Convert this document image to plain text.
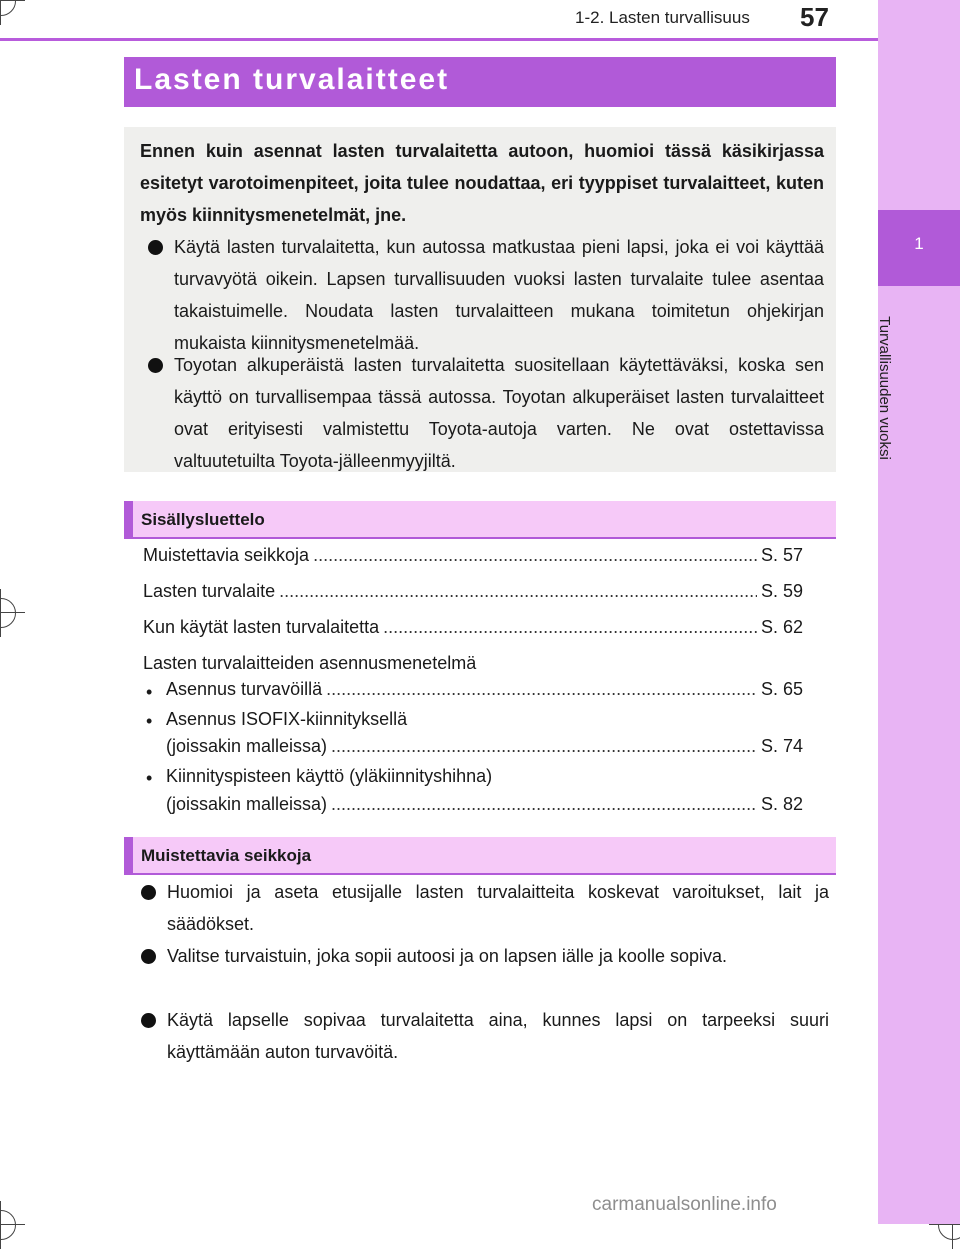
1-2. Lasten turvallisuus 57
1
Turvallisuuden vuoksi
Lasten turvalaitteet
Ennen kuin asennat lasten turvalaitetta autoon, huomioi tässä käsikirjassa esitetyt varotoimenpiteet, joita tulee noudattaa, eri tyyppiset turvalaitteet, kuten myös kiinnitysmenetelmät, jne.
Käytä lasten turvalaitetta, kun autossa matkustaa pieni lapsi, joka ei voi käyttää turvavyötä oikein. Lapsen turvallisuuden vuoksi lasten turvalaite tulee asentaa takaistuimelle. Noudata lasten turvalaitteen mukana toimitetun ohjekirjan mukaista kiinnitysmenetelmää.
Toyotan alkuperäistä lasten turvalaitetta suositellaan käytettäväksi, koska sen käyttö on turvallisempaa tässä autossa. Toyotan alkuperäiset lasten turvalaitteet ovat erityisesti valmistettu Toyota-autoja varten. Ne ovat ostettavissa valtuutetuilta Toyota-jälleenmyyjiltä.
Sisällysluettelo
Muistettavia seikkoja .....	S. 57
Lasten turvalaite .....	S. 59
Kun käytät lasten turvalaitetta .....	S. 62
Lasten turvalaitteiden asennusmenetelmä
• Asennus turvavöillä .....	S. 65
• Asennus ISOFIX-kiinnityksellä
(joissakin malleissa) .....	S. 74
• Kiinnityspisteen käyttö (yläkiinnityshihna)
(joissakin malleissa) .....	S. 82
Muistettavia seikkoja
Huomioi ja aseta etusijalle lasten turvalaitteita koskevat varoitukset, lait ja säädökset.
Valitse turvaistuin, joka sopii autoosi ja on lapsen iälle ja koolle sopiva.
Käytä lapselle sopivaa turvalaitetta aina, kunnes lapsi on tarpeeksi suuri käyttämään auton turvavöitä.
carmanualsonline.info
